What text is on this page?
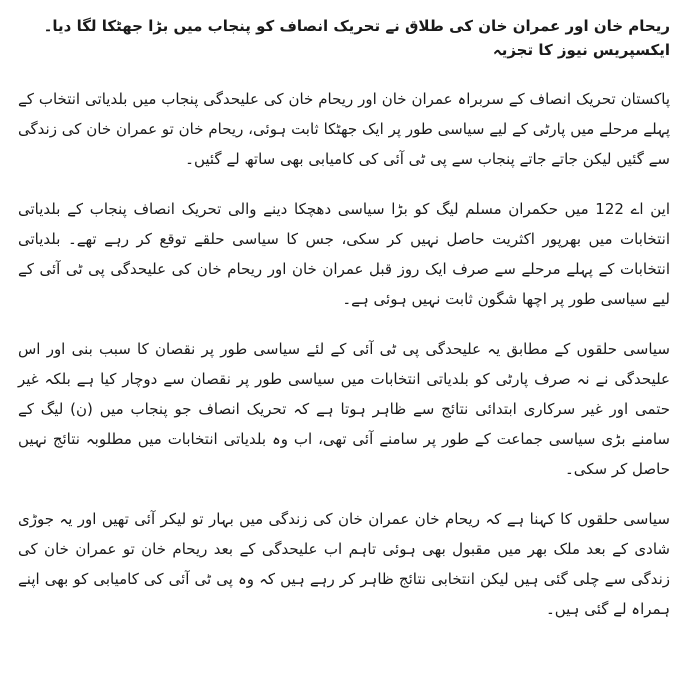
ریحام خان اور عمران خان کی طلاق نے تحریک انصاف کو پنجاب میں بڑا جھٹکا لگا دیا۔ ایکسپریس نیوز کا تجزیہ

پاکستان تحریک انصاف کے سربراہ عمران خان اور ریحام خان کی علیحدگی پنجاب میں بلدیاتی انتخاب کے پہلے مرحلے میں پارٹی کے لیے سیاسی طور پر ایک جھٹکا ثابت ہوئی، ریحام خان تو عمران خان کی زندگی سے گئیں لیکن جاتے جاتے پنجاب سے پی ٹی آئی کی کامیابی بھی ساتھ لے گئیں۔

این اے 122 میں حکمران مسلم لیگ کو بڑا سیاسی دھچکا دینے والی تحریک انصاف پنجاب کے بلدیاتی انتخابات میں بھرپور اکثریت حاصل نہیں کر سکی، جس کا سیاسی حلقے توقع کر رہے تھے۔ بلدیاتی انتخابات کے پہلے مرحلے سے صرف ایک روز قبل عمران خان اور ریحام خان کی علیحدگی پی ٹی آئی کے لیے سیاسی طور پر اچھا شگون ثابت نہیں ہوئی ہے۔

سیاسی حلقوں کے مطابق یہ علیحدگی پی ٹی آئی کے لئے سیاسی طور پر نقصان کا سبب بنی اور اس علیحدگی نے نہ صرف پارٹی کو بلدیاتی انتخابات میں سیاسی طور پر نقصان سے دوچار کیا ہے بلکہ غیر حتمی اور غیر سرکاری ابتدائی نتائج سے ظاہر ہوتا ہے کہ تحریک انصاف جو پنجاب میں (ن) لیگ کے سامنے بڑی سیاسی جماعت کے طور پر سامنے آئی تھی، اب وہ بلدیاتی انتخابات میں مطلوبہ نتائج نہیں حاصل کر سکی۔

سیاسی حلقوں کا کہنا ہے کہ ریحام خان عمران خان کی زندگی میں بہار تو لیکر آئی تھیں اور یہ جوڑی شادی کے بعد ملک بھر میں مقبول بھی ہوئی تاہم اب علیحدگی کے بعد ریحام خان تو عمران خان کی زندگی سے چلی گئی ہیں لیکن انتخابی نتائج ظاہر کر رہے ہیں کہ وہ پی ٹی آئی کی کامیابی کو بھی اپنے ہمراہ لے گئی ہیں۔
